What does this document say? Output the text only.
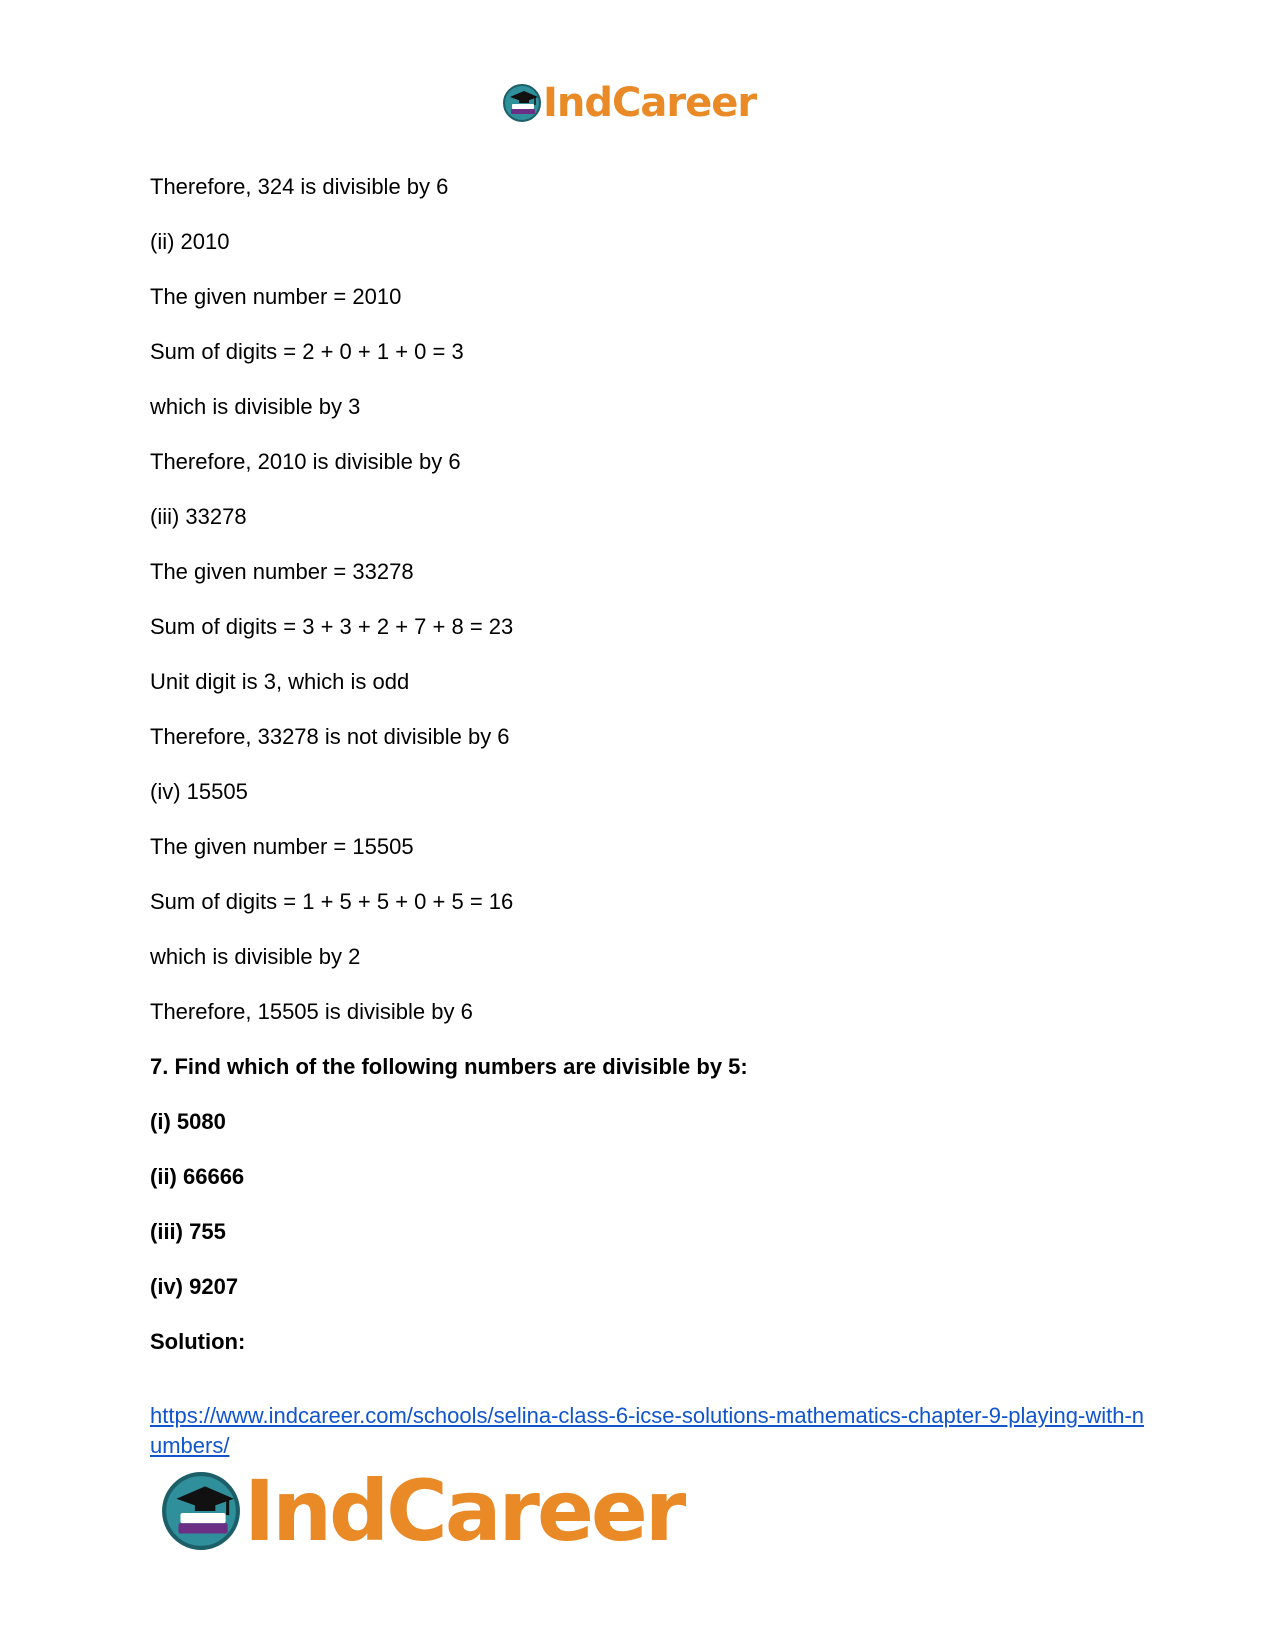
IndCareer

Therefore, 324 is divisible by 6

(ii) 2010

The given number = 2010

Sum of digits = 2 + 0 + 1 + 0 = 3

which is divisible by 3

Therefore, 2010 is divisible by 6

(iii) 33278

The given number = 33278

Sum of digits = 3 + 3 + 2 + 7 + 8 = 23

Unit digit is 3, which is odd

Therefore, 33278 is not divisible by 6

(iv) 15505

The given number = 15505

Sum of digits = 1 + 5 + 5 + 0 + 5 = 16

which is divisible by 2

Therefore, 15505 is divisible by 6

7. Find which of the following numbers are divisible by 5:

(i) 5080

(ii) 66666

(iii) 755

(iv) 9207

Solution:

https://www.indcareer.com/schools/selina-class-6-icse-solutions-mathematics-chapter-9-playing-with-numbers/
IndCareer
